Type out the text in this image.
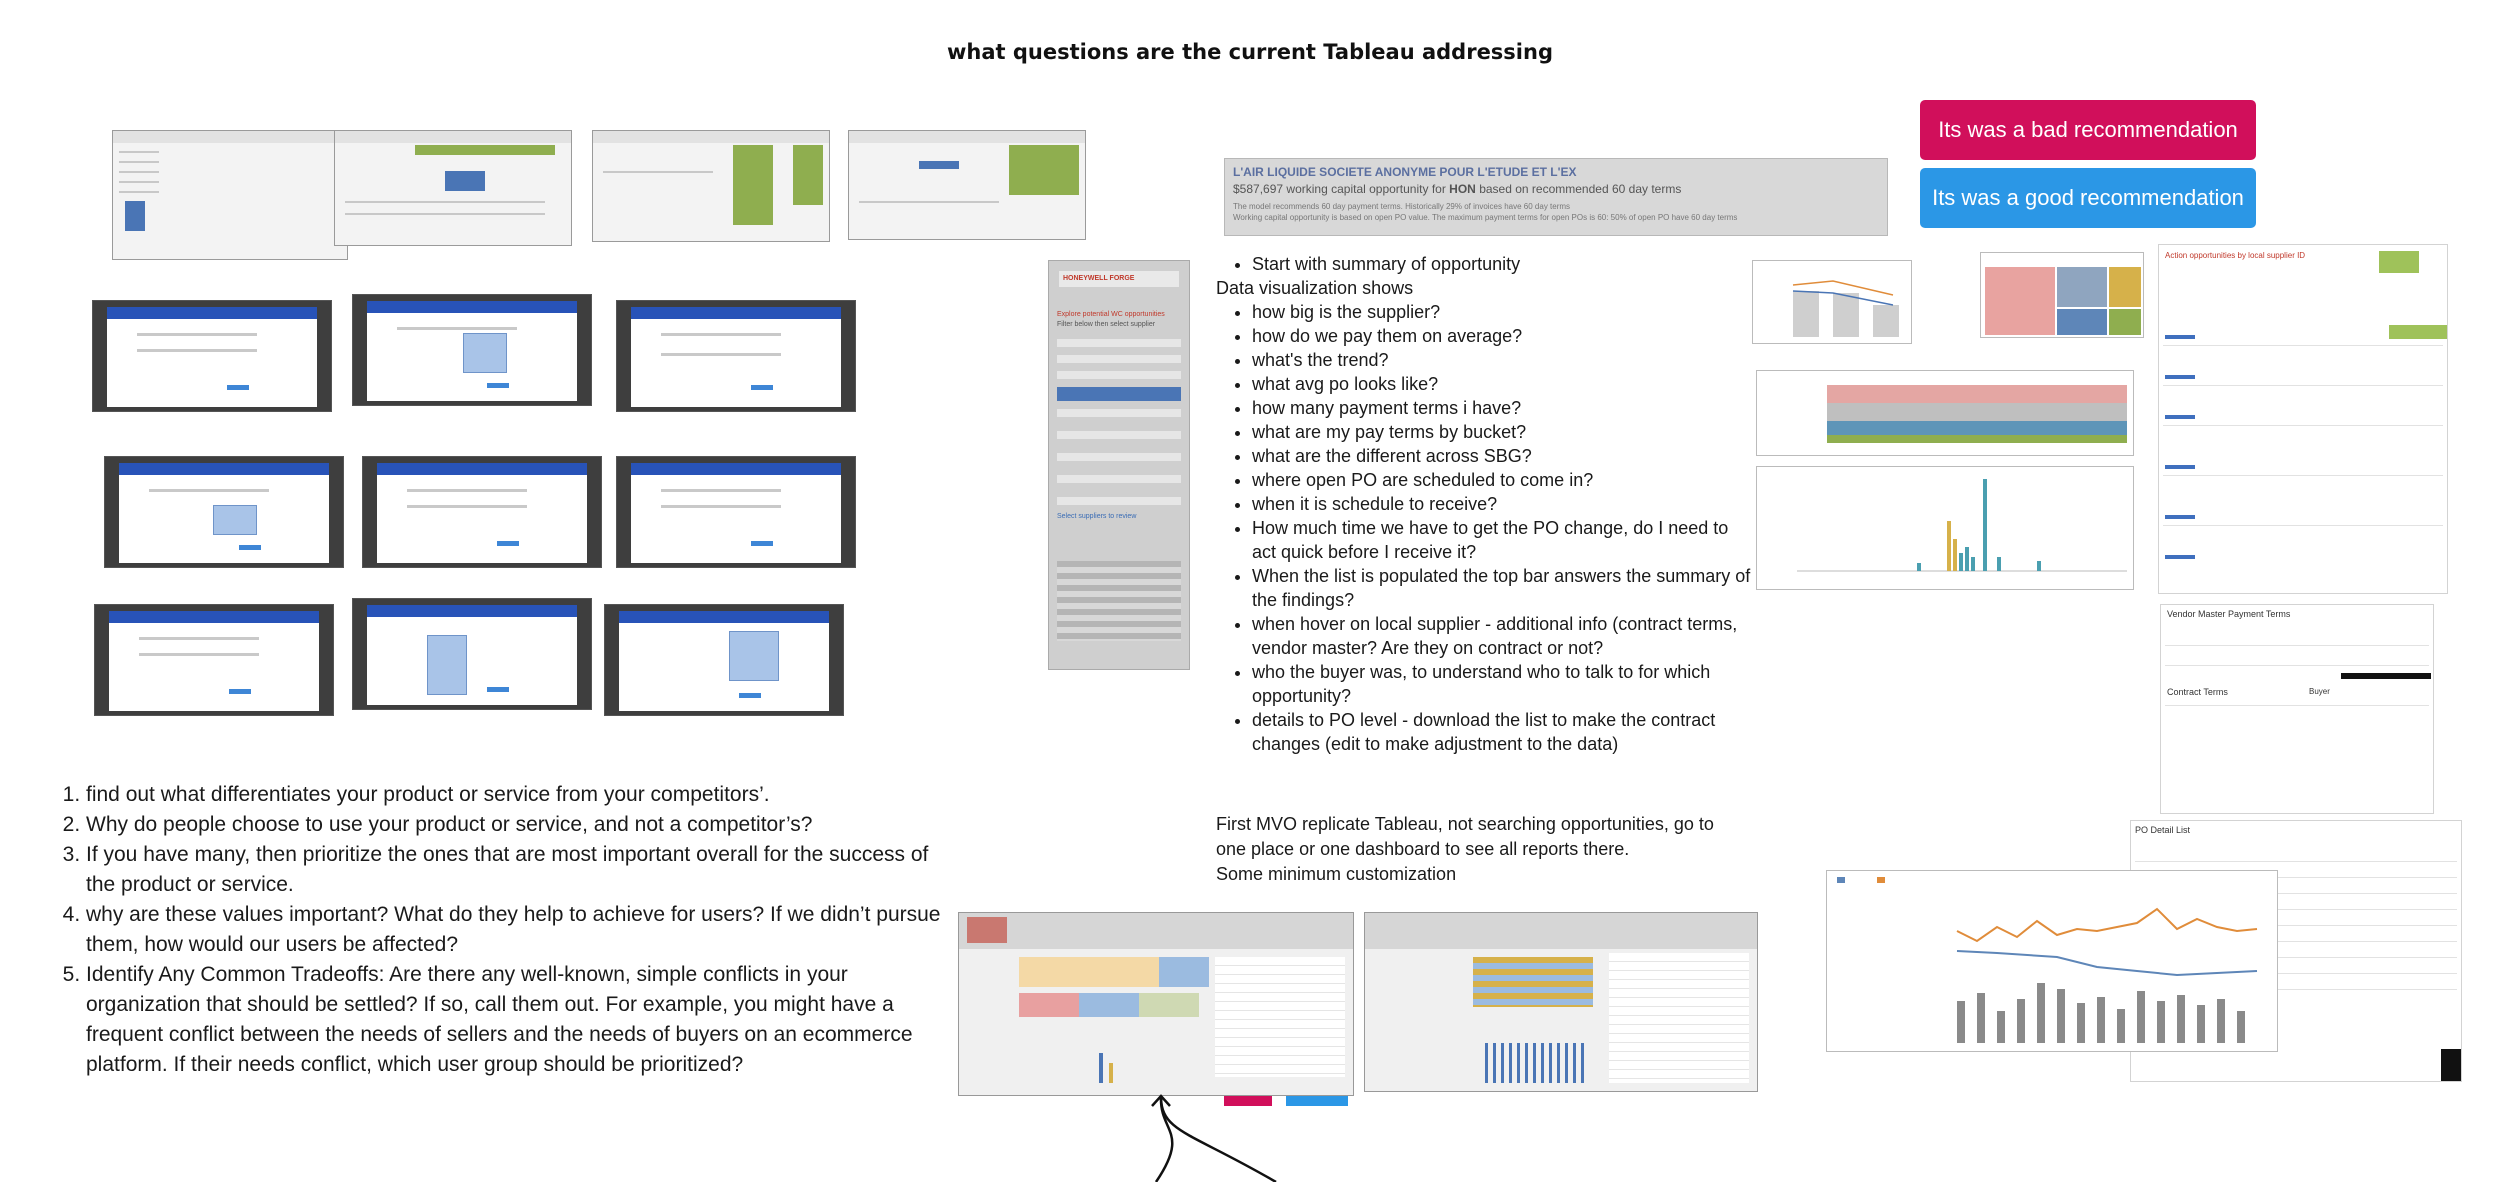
what questions are the current Tableau addressing
Its was a bad recommendation
Its was a good recommendation
HONEYWELL FORGE
Explore potential WC opportunities
Filter below then select supplier
Select suppliers to review
L'AIR LIQUIDE SOCIETE ANONYME POUR L'ETUDE ET L'EX
$587,697 working capital opportunity for HON based on recommended 60 day terms
The model recommends 60 day payment terms. Historically 29% of invoices have 60 day terms
Working capital opportunity is based on open PO value. The maximum payment terms for open POs is 60: 50% of open PO have 60 day terms
• Start with summary of opportunity
Data visualization shows
• how big is the supplier?
• how do we pay them on average?
• what's the trend?
• what avg po looks like?
• how many payment terms i have?
• what are my pay terms by bucket?
• what are the different across SBG?
• where open PO are scheduled to come in?
• when it is schedule to receive?
• How much time we have to get the PO change, do I need to act quick before I receive it?
• When the list is populated the top bar answers the summary of the findings?
• when hover on local supplier - additional info (contract terms, vendor master? Are they on contract or not?
• who the buyer was, to understand who to talk to for which opportunity?
• details to PO level - download the list to make the contract changes (edit to make adjustment to the data)
First MVO replicate Tableau, not searching opportunities, go to one place or one dashboard to see all reports there.
Some minimum customization
1. find out what differentiates your product or service from your competitors’.
2. Why do people choose to use your product or service, and not a competitor’s?
3. If you have many, then prioritize the ones that are most important overall for the success of the product or service.
4. why are these values important? What do they help to achieve for users? If we didn’t pursue them, how would our users be affected?
5. Identify Any Common Tradeoffs: Are there any well-known, simple conflicts in your organization that should be settled? If so, call them out. For example, you might have a frequent conflict between the needs of sellers and the needs of buyers on an ecommerce platform. If their needs conflict, which user group should be prioritized?
Action opportunities by local supplier ID
Vendor Master Payment Terms
Contract Terms	Buyer
PO Detail List
